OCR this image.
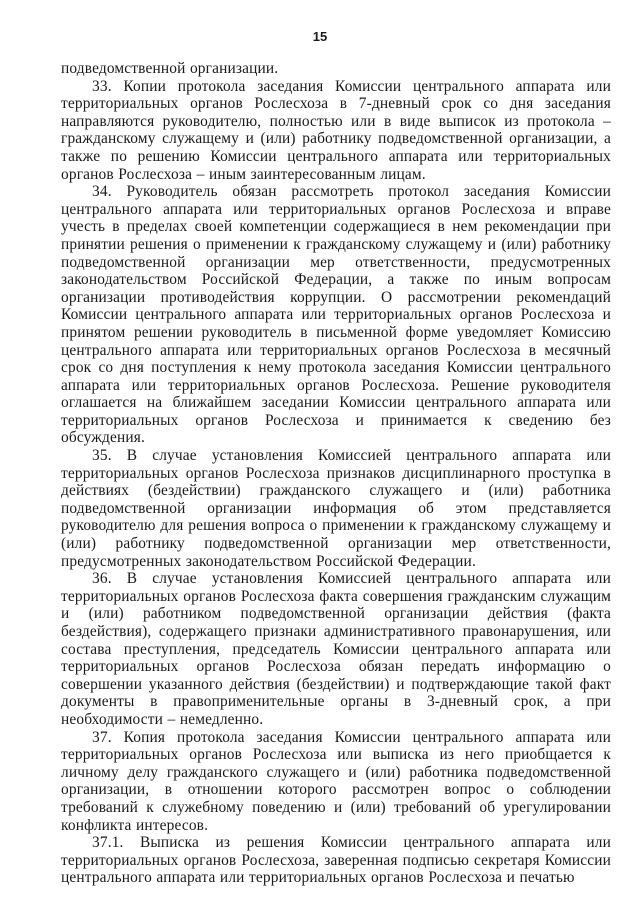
15

подведомственной организации.

33. Копии протокола заседания Комиссии центрального аппарата или территориальных органов Рослесхоза в 7-дневный срок со дня заседания направляются руководителю, полностью или в виде выписок из протокола – гражданскому служащему и (или) работнику подведомственной организации, а также по решению Комиссии центрального аппарата или территориальных органов Рослесхоза – иным заинтересованным лицам.

34. Руководитель обязан рассмотреть протокол заседания Комиссии центрального аппарата или территориальных органов Рослесхоза и вправе учесть в пределах своей компетенции содержащиеся в нем рекомендации при принятии решения о применении к гражданскому служащему и (или) работнику подведомственной организации мер ответственности, предусмотренных законодательством Российской Федерации, а также по иным вопросам организации противодействия коррупции. О рассмотрении рекомендаций Комиссии центрального аппарата или территориальных органов Рослесхоза и принятом решении руководитель в письменной форме уведомляет Комиссию центрального аппарата или территориальных органов Рослесхоза в месячный срок со дня поступления к нему протокола заседания Комиссии центрального аппарата или территориальных органов Рослесхоза. Решение руководителя оглашается на ближайшем заседании Комиссии центрального аппарата или территориальных органов Рослесхоза и принимается к сведению без обсуждения.

35. В случае установления Комиссией центрального аппарата или территориальных органов Рослесхоза признаков дисциплинарного проступка в действиях (бездействии) гражданского служащего и (или) работника подведомственной организации информация об этом представляется руководителю для решения вопроса о применении к гражданскому служащему и (или) работнику подведомственной организации мер ответственности, предусмотренных законодательством Российской Федерации.

36. В случае установления Комиссией центрального аппарата или территориальных органов Рослесхоза факта совершения гражданским служащим и (или) работником подведомственной организации действия (факта бездействия), содержащего признаки административного правонарушения, или состава преступления, председатель Комиссии центрального аппарата или территориальных органов Рослесхоза обязан передать информацию о совершении указанного действия (бездействии) и подтверждающие такой факт документы в правоприменительные органы в 3-дневный срок, а при необходимости – немедленно.

37. Копия протокола заседания Комиссии центрального аппарата или территориальных органов Рослесхоза или выписка из него приобщается к личному делу гражданского служащего и (или) работника подведомственной организации, в отношении которого рассмотрен вопрос о соблюдении требований к служебному поведению и (или) требований об урегулировании конфликта интересов.

37.1. Выписка из решения Комиссии центрального аппарата или территориальных органов Рослесхоза, заверенная подписью секретаря Комиссии центрального аппарата или территориальных органов Рослесхоза и печатью
